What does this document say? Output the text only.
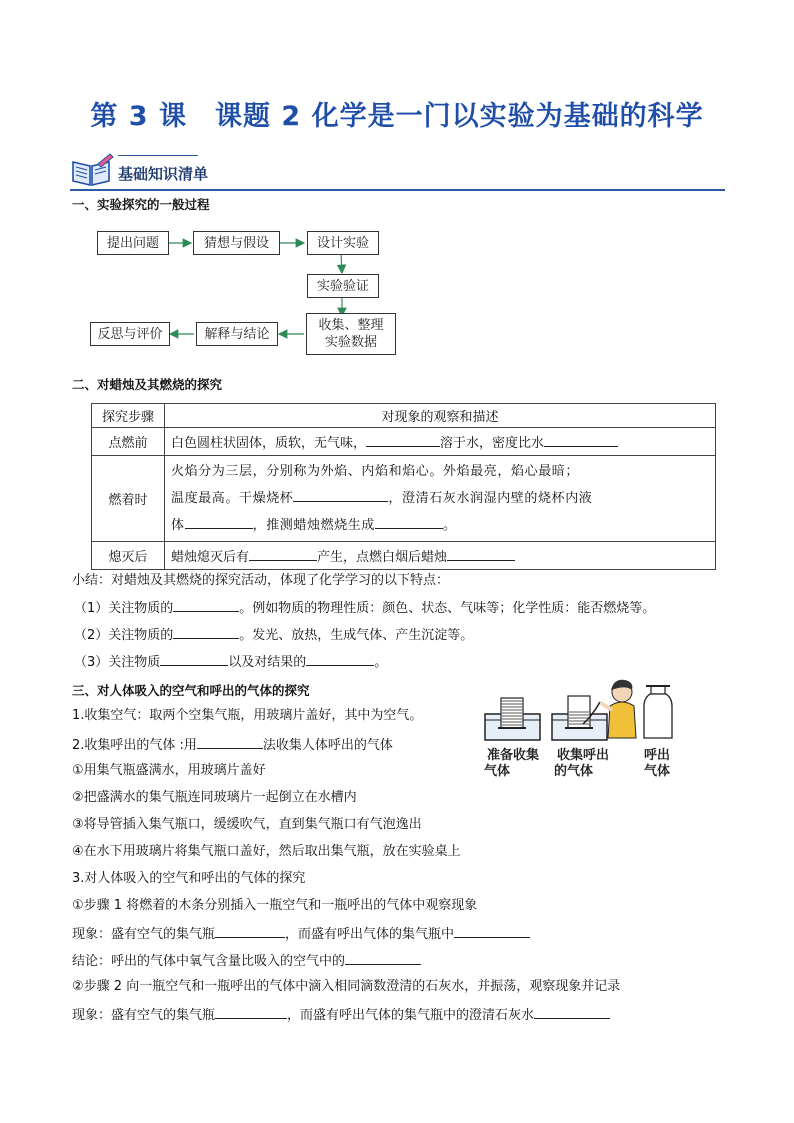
第 3 课　课题 2 化学是一门以实验为基础的科学
基础知识清单
一、实验探究的一般过程
提出问题	猜想与假设	设计实验
实验验证
反思与评价	解释与结论
收集、整理
实验数据
二、对蜡烛及其燃烧的探究
探究步骤	对现象的观察和描述
点燃前	白色圆柱状固体，质软，无气味， 溶于水，密度比水
燃着时	火焰分为三层，分别称为外焰、内焰和焰心。外焰最亮，焰心最暗；
温度最高。干燥烧杯 ，澄清石灰水润湿内壁的烧杯内液
体 ，推测蜡烛燃烧生成 。
熄灭后	蜡烛熄灭后有 产生，点燃白烟后蜡烛
小结：对蜡烛及其燃烧的探究活动，体现了化学学习的以下特点：
（1）关注物质的	。例如物质的物理性质：颜色、状态、气味等；化学性质：能否燃烧等。
（2）关注物质的	。发光、放热，生成气体、产生沉淀等。
（3）关注物质	以及对结果的	。
三、对人体吸入的空气和呼出的气体的探究
1.收集空气：取两个空集气瓶，用玻璃片盖好，其中为空气。
2.收集呼出的气体 :用	法收集人体呼出的气体
①用集气瓶盛满水，用玻璃片盖好
②把盛满水的集气瓶连同玻璃片一起倒立在水槽内
③将导管插入集气瓶口，缓缓吹气，直到集气瓶口有气泡逸出
④在水下用玻璃片将集气瓶口盖好，然后取出集气瓶，放在实验桌上
3.对人体吸入的空气和呼出的气体的探究
①步骤 1 将燃着的木条分别插入一瓶空气和一瓶呼出的气体中观察现象
现象：盛有空气的集气瓶	，而盛有呼出气体的集气瓶中
结论：呼出的气体中氧气含量比吸入的空气中的
②步骤 2 向一瓶空气和一瓶呼出的气体中滴入相同滴数澄清的石灰水，并振荡，观察现象并记录
现象：盛有空气的集气瓶	，而盛有呼出气体的集气瓶中的澄清石灰水
准备收集
气体
收集呼出
的气体
呼出
气体
